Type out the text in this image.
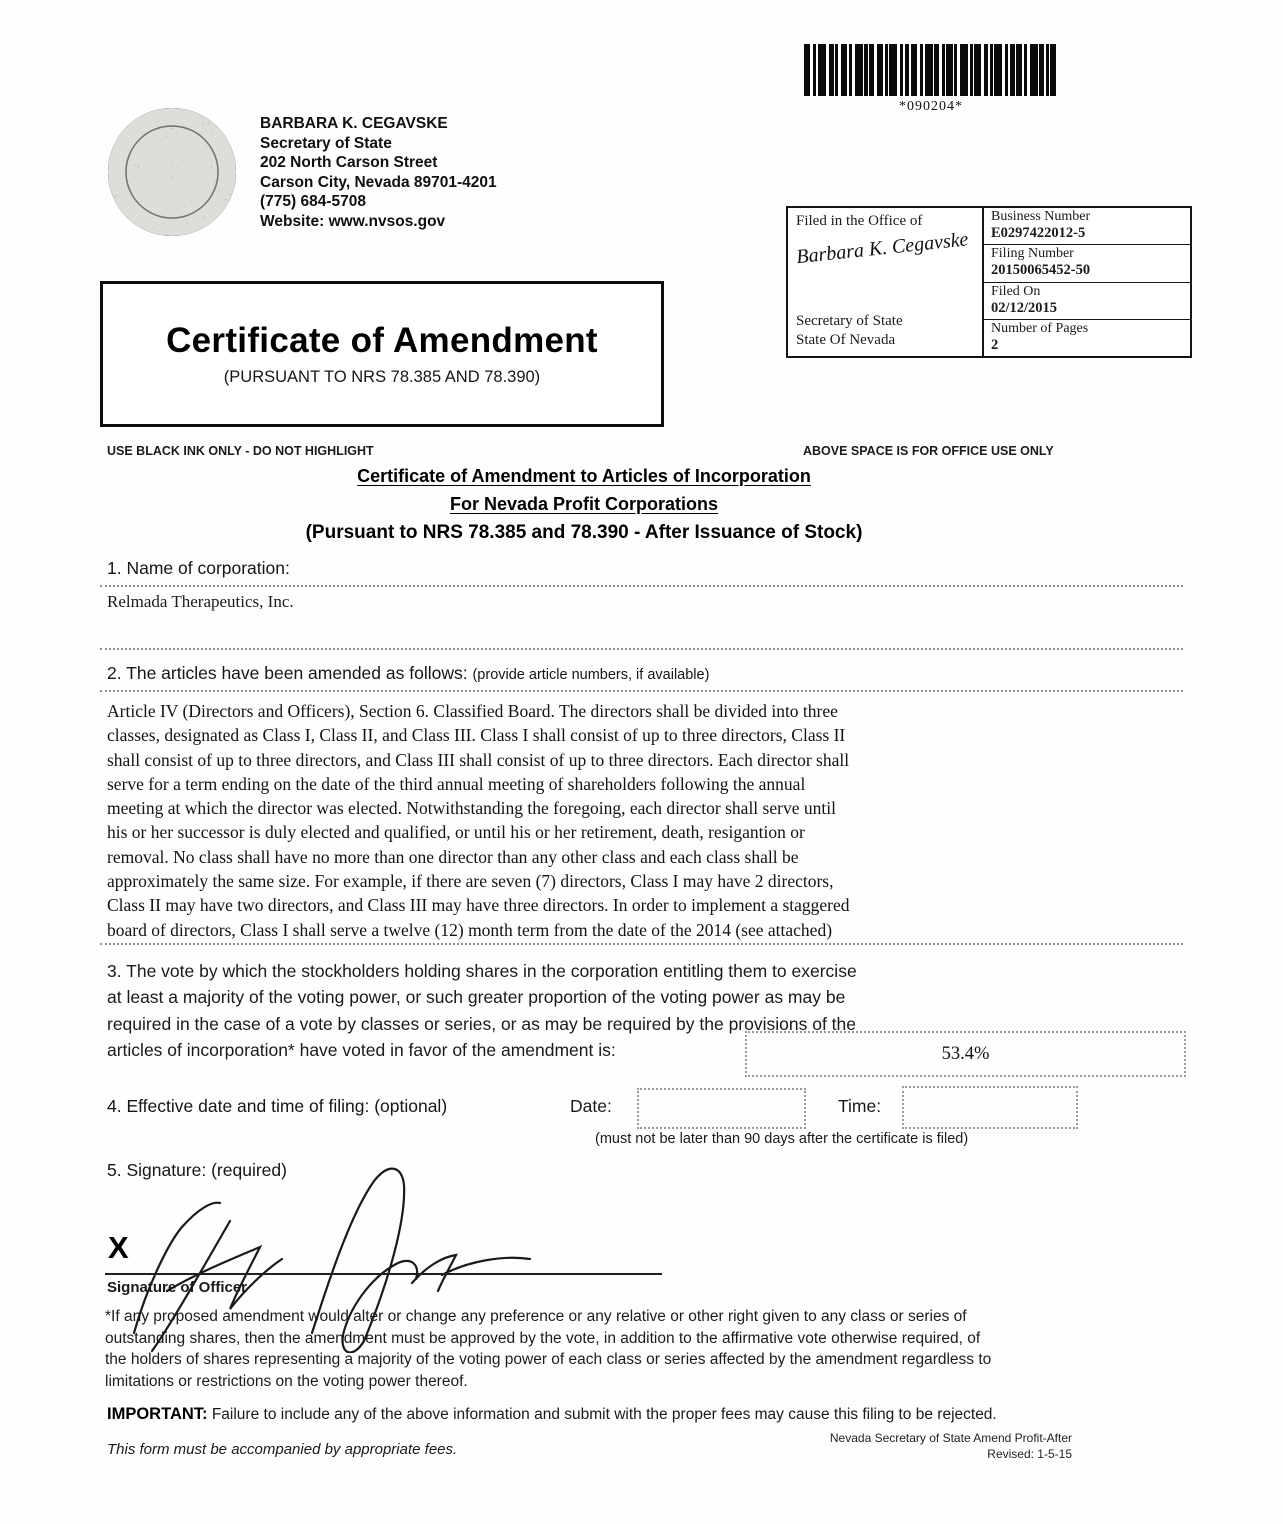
*090204*
BARBARA K. CEGAVSKE
Secretary of State
202 North Carson Street
Carson City, Nevada 89701-4201
(775) 684-5708
Website: www.nvsos.gov	Filed in the Office of
Barbara K. Cegavske
Secretary of State
State Of Nevada
Business Number
E0297422012-5
Filing Number
20150065452-50
Filed On
02/12/2015
Number of Pages
2
Certificate of Amendment
(PURSUANT TO NRS 78.385 AND 78.390)
USE BLACK INK ONLY - DO NOT HIGHLIGHT	ABOVE SPACE IS FOR OFFICE USE ONLY
Certificate of Amendment to Articles of Incorporation
For Nevada Profit Corporations
(Pursuant to NRS 78.385 and 78.390 - After Issuance of Stock)
1. Name of corporation:
Relmada Therapeutics, Inc.
2. The articles have been amended as follows: (provide article numbers, if available)
Article IV (Directors and Officers), Section 6. Classified Board. The directors shall be divided into three
classes, designated as Class I, Class II, and Class III. Class I shall consist of up to three directors, Class II
shall consist of up to three directors, and Class III shall consist of up to three directors. Each director shall
serve for a term ending on the date of the third annual meeting of shareholders following the annual
meeting at which the director was elected. Notwithstanding the foregoing, each director shall serve until
his or her successor is duly elected and qualified, or until his or her retirement, death, resigantion or
removal. No class shall have no more than one director than any other class and each class shall be
approximately the same size. For example, if there are seven (7) directors, Class I may have 2 directors,
Class II may have two directors, and Class III may have three directors. In order to implement a staggered
board of directors, Class I shall serve a twelve (12) month term from the date of the 2014 (see attached)
3. The vote by which the stockholders holding shares in the corporation entitling them to exercise
at least a majority of the voting power, or such greater proportion of the voting power as may be
required in the case of a vote by classes or series, or as may be required by the provisions of the
articles of incorporation* have voted in favor of the amendment is:	53.4%
4. Effective date and time of filing: (optional)	Date:	Time:
(must not be later than 90 days after the certificate is filed)
5. Signature: (required)
X
Signature of Officer
*If any proposed amendment would alter or change any preference or any relative or other right given to any class or series of
outstanding shares, then the amendment must be approved by the vote, in addition to the affirmative vote otherwise required, of
the holders of shares representing a majority of the voting power of each class or series affected by the amendment regardless to
limitations or restrictions on the voting power thereof.
IMPORTANT: Failure to include any of the above information and submit with the proper fees may cause this filing to be rejected.
This form must be accompanied by appropriate fees.
Nevada Secretary of State Amend Profit-After
Revised: 1-5-15
